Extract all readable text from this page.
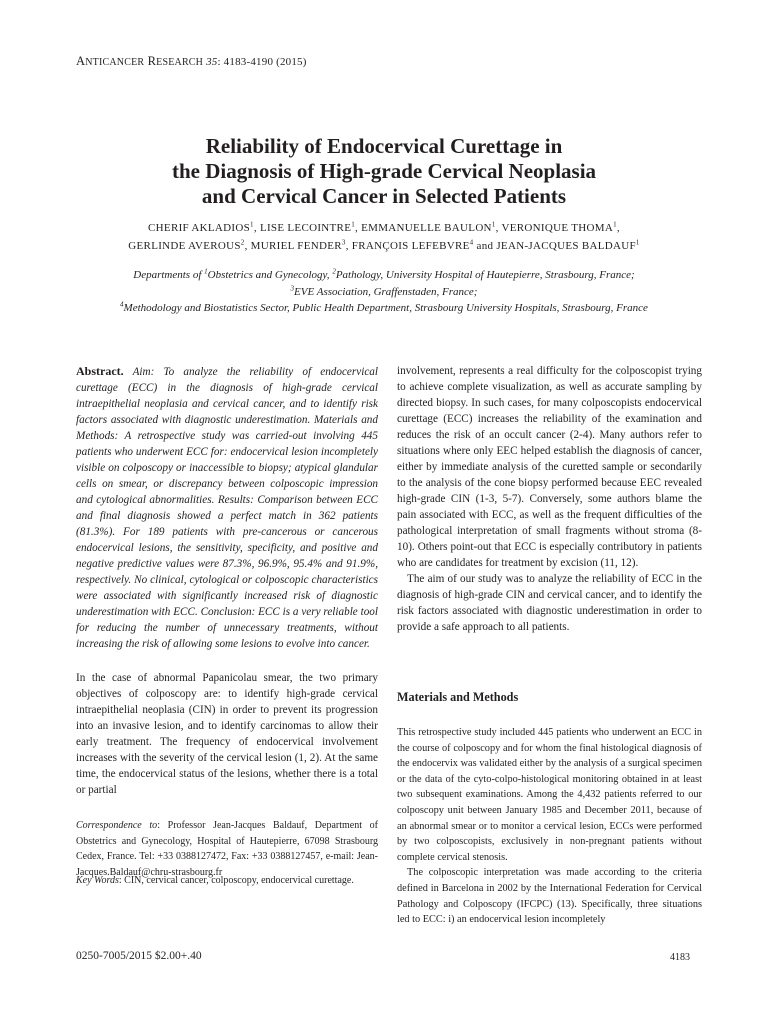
ANTICANCER RESEARCH 35: 4183-4190 (2015)
Reliability of Endocervical Curettage in
the Diagnosis of High-grade Cervical Neoplasia
and Cervical Cancer in Selected Patients
CHERIF AKLADIOS$^1$, LISE LECOINTRE$^1$, EMMANUELLE BAULON$^1$, VERONIQUE THOMA$^1$,
GERLINDE AVEROUS$^2$, MURIEL FENDER$^3$, FRANÇOIS LEFEBVRE$^4$ and JEAN-JACQUES BALDAUF$^1$
Departments of $^1$Obstetrics and Gynecology, $^2$Pathology, University Hospital of Hautepierre, Strasbourg, France;
$^3$EVE Association, Graffenstaden, France;
$^4$Methodology and Biostatistics Sector, Public Health Department, Strasbourg University Hospitals, Strasbourg, France

Abstract. Aim: To analyze the reliability of endocervical curettage (ECC) in the diagnosis of high-grade cervical intraepithelial neoplasia and cervical cancer, and to identify risk factors associated with diagnostic underestimation. Materials and Methods: A retrospective study was carried-out involving 445 patients who underwent ECC for: endocervical lesion incompletely visible on colposcopy or inaccessible to biopsy; atypical glandular cells on smear, or discrepancy between colposcopic impression and cytological abnormalities. Results: Comparison between ECC and final diagnosis showed a perfect match in 362 patients (81.3%). For 189 patients with pre-cancerous or cancerous endocervical lesions, the sensitivity, specificity, and positive and negative predictive values were 87.3%, 96.9%, 95.4% and 91.9%, respectively. No clinical, cytological or colposcopic characteristics were associated with significantly increased risk of diagnostic underestimation with ECC. Conclusion: ECC is a very reliable tool for reducing the number of unnecessary treatments, without increasing the risk of allowing some lesions to evolve into cancer.

In the case of abnormal Papanicolau smear, the two primary objectives of colposcopy are: to identify high-grade cervical intraepithelial neoplasia (CIN) in order to prevent its progression into an invasive lesion, and to identify carcinomas to allow their early treatment. The frequency of endocervical involvement increases with the severity of the cervical lesion (1, 2). At the same time, the endocervical status of the lesions, whether there is a total or partial

Correspondence to: Professor Jean-Jacques Baldauf, Department of Obstetrics and Gynecology, Hospital of Hautepierre, 67098 Strasbourg Cedex, France. Tel: +33 0388127472, Fax: +33 0388127457, e-mail: Jean-Jacques.Baldauf@chru-strasbourg.fr

Key Words: CIN, cervical cancer, colposcopy, endocervical curettage.

involvement, represents a real difficulty for the colposcopist trying to achieve complete visualization, as well as accurate sampling by directed biopsy. In such cases, for many colposcopists endocervical curettage (ECC) increases the reliability of the examination and reduces the risk of an occult cancer (2-4). Many authors refer to situations where only EEC helped establish the diagnosis of cancer, either by immediate analysis of the curetted sample or secondarily to the analysis of the cone biopsy performed because EEC revealed high-grade CIN (1-3, 5-7). Conversely, some authors blame the pain associated with ECC, as well as the frequent difficulties of the pathological interpretation of small fragments without stroma (8-10). Others point-out that ECC is especially contributory in patients who are candidates for treatment by excision (11, 12).

The aim of our study was to analyze the reliability of ECC in the diagnosis of high-grade CIN and cervical cancer, and to identify the risk factors associated with diagnostic underestimation in order to provide a safe approach to all patients.

Materials and Methods

This retrospective study included 445 patients who underwent an ECC in the course of colposcopy and for whom the final histological diagnosis of the endocervix was validated either by the analysis of a surgical specimen or the data of the cyto-colpo-histological monitoring obtained in at least two subsequent examinations. Among the 4,432 patients referred to our colposcopy unit between January 1985 and December 2011, because of an abnormal smear or to monitor a cervical lesion, ECCs were performed by two colposcopists, exclusively in non-pregnant patients without complete cervical stenosis.

The colposcopic interpretation was made according to the criteria defined in Barcelona in 2002 by the International Federation for Cervical Pathology and Colposcopy (IFCPC) (13). Specifically, three situations led to ECC: i) an endocervical lesion incompletely

0250-7005/2015 $2.00+.40	4183
